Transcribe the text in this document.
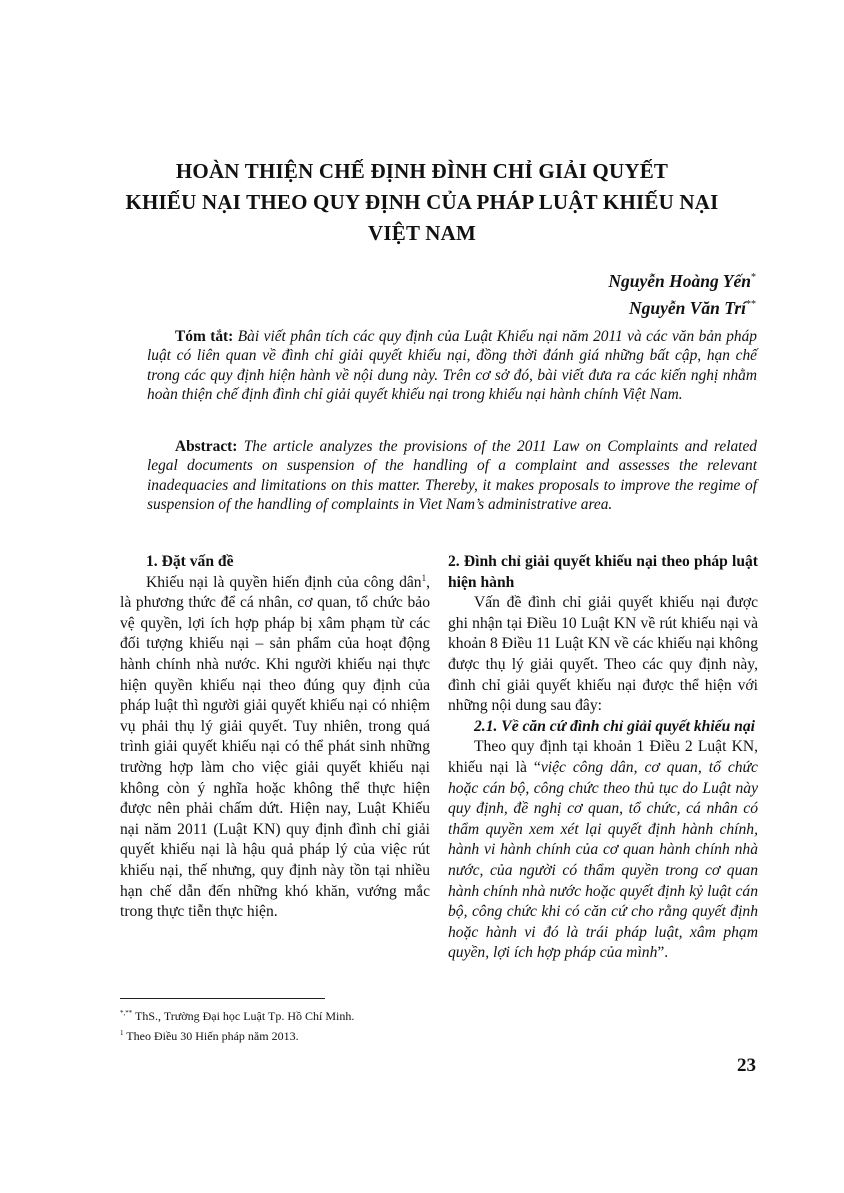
HOÀN THIỆN CHẾ ĐỊNH ĐÌNH CHỈ GIẢI QUYẾT
KHIẾU NẠI THEO QUY ĐỊNH CỦA PHÁP LUẬT KHIẾU NẠI
VIỆT NAM
Nguyễn Hoàng Yến*
Nguyễn Văn Trí**
Tóm tắt: Bài viết phân tích các quy định của Luật Khiếu nại năm 2011 và các văn bản pháp luật có liên quan về đình chỉ giải quyết khiếu nại, đồng thời đánh giá những bất cập, hạn chế trong các quy định hiện hành về nội dung này. Trên cơ sở đó, bài viết đưa ra các kiến nghị nhằm hoàn thiện chế định đình chỉ giải quyết khiếu nại trong khiếu nại hành chính Việt Nam.
Abstract: The article analyzes the provisions of the 2011 Law on Complaints and related legal documents on suspension of the handling of a complaint and assesses the relevant inadequacies and limitations on this matter. Thereby, it makes proposals to improve the regime of suspension of the handling of complaints in Viet Nam’s administrative area.

1. Đặt vấn đề

Khiếu nại là quyền hiến định của công dân$^1$, là phương thức để cá nhân, cơ quan, tổ chức bảo vệ quyền, lợi ích hợp pháp bị xâm phạm từ các đối tượng khiếu nại – sản phẩm của hoạt động hành chính nhà nước. Khi người khiếu nại thực hiện quyền khiếu nại theo đúng quy định của pháp luật thì người giải quyết khiếu nại có nhiệm vụ phải thụ lý giải quyết. Tuy nhiên, trong quá trình giải quyết khiếu nại có thể phát sinh những trường hợp làm cho việc giải quyết khiếu nại không còn ý nghĩa hoặc không thể thực hiện được nên phải chấm dứt. Hiện nay, Luật Khiếu nại năm 2011 (Luật KN) quy định đình chỉ giải quyết khiếu nại là hậu quả pháp lý của việc rút khiếu nại, thế nhưng, quy định này tồn tại nhiều hạn chế dẫn đến những khó khăn, vướng mắc trong thực tiễn thực hiện.

2. Đình chỉ giải quyết khiếu nại theo pháp luật hiện hành

Vấn đề đình chỉ giải quyết khiếu nại được ghi nhận tại Điều 10 Luật KN về rút khiếu nại và khoản 8 Điều 11 Luật KN về các khiếu nại không được thụ lý giải quyết. Theo các quy định này, đình chỉ giải quyết khiếu nại được thể hiện với những nội dung sau đây:

2.1. Về căn cứ đình chỉ giải quyết khiếu nại

Theo quy định tại khoản 1 Điều 2 Luật KN, khiếu nại là “việc công dân, cơ quan, tổ chức hoặc cán bộ, công chức theo thủ tục do Luật này quy định, đề nghị cơ quan, tổ chức, cá nhân có thẩm quyền xem xét lại quyết định hành chính, hành vi hành chính của cơ quan hành chính nhà nước, của người có thẩm quyền trong cơ quan hành chính nhà nước hoặc quyết định kỷ luật cán bộ, công chức khi có căn cứ cho rằng quyết định hoặc hành vi đó là trái pháp luật, xâm phạm quyền, lợi ích hợp pháp của mình”.

*,** ThS., Trường Đại học Luật Tp. Hồ Chí Minh.
$^1$ Theo Điều 30 Hiến pháp năm 2013.
23
